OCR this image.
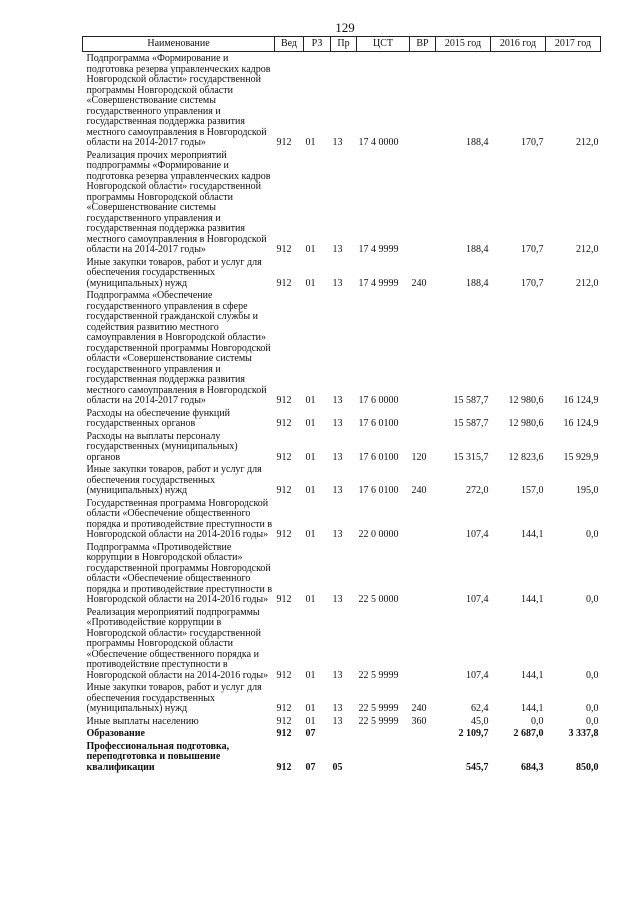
129
Наименование	Вед	РЗ	Пр	ЦСТ	ВР	2015 год	2016 год	2017 год
Подпрограмма «Формирование и подготовка резерва управленческих кадров Новгородской области» государственной программы Новгородской области «Совершенствование системы государственного управления и государственная поддержка развития местного самоуправления в Новгородской области на 2014-2017 годы»	912	01	13	17 4 0000		188,4	170,7	212,0
Реализация прочих мероприятий подпрограммы «Формирование и подготовка резерва управленческих кадров Новгородской области» государственной программы Новгородской области «Совершенствование системы государственного управления и государственная поддержка развития местного самоуправления в Новгородской области на 2014-2017 годы»	912	01	13	17 4 9999		188,4	170,7	212,0
Иные закупки товаров, работ и услуг для обеспечения государственных (муниципальных) нужд	912	01	13	17 4 9999	240	188,4	170,7	212,0
Подпрограмма «Обеспечение государственного управления в сфере государственной гражданской службы и содействия развитию местного самоуправления в Новгородской области» государственной программы Новгородской области «Совершенствование системы государственного управления и государственная поддержка развития местного самоуправления в Новгородской области на 2014-2017 годы»	912	01	13	17 6 0000		15 587,7	12 980,6	16 124,9
Расходы на обеспечение функций государственных органов	912	01	13	17 6 0100		15 587,7	12 980,6	16 124,9
Расходы на выплаты персоналу государственных (муниципальных) органов	912	01	13	17 6 0100	120	15 315,7	12 823,6	15 929,9
Иные закупки товаров, работ и услуг для обеспечения государственных (муниципальных) нужд	912	01	13	17 6 0100	240	272,0	157,0	195,0
Государственная программа Новгородской области «Обеспечение общественного порядка и противодействие преступности в Новгородской области на 2014-2016 годы»	912	01	13	22 0 0000		107,4	144,1	0,0
Подпрограмма «Противодействие коррупции в Новгородской области» государственной программы Новгородской области «Обеспечение общественного порядка и противодействие преступности в Новгородской области на 2014-2016 годы»	912	01	13	22 5 0000		107,4	144,1	0,0
Реализация мероприятий подпрограммы «Противодействие коррупции в Новгородской области» государственной программы Новгородской области «Обеспечение общественного порядка и противодействие преступности в Новгородской области на 2014-2016 годы»	912	01	13	22 5 9999		107,4	144,1	0,0
Иные закупки товаров, работ и услуг для обеспечения государственных (муниципальных) нужд	912	01	13	22 5 9999	240	62,4	144,1	0,0
Иные выплаты населению	912	01	13	22 5 9999	360	45,0	0,0	0,0
Образование	912	07				2 109,7	2 687,0	3 337,8
Профессиональная подготовка, переподготовка и повышение квалификации	912	07	05			545,7	684,3	850,0
